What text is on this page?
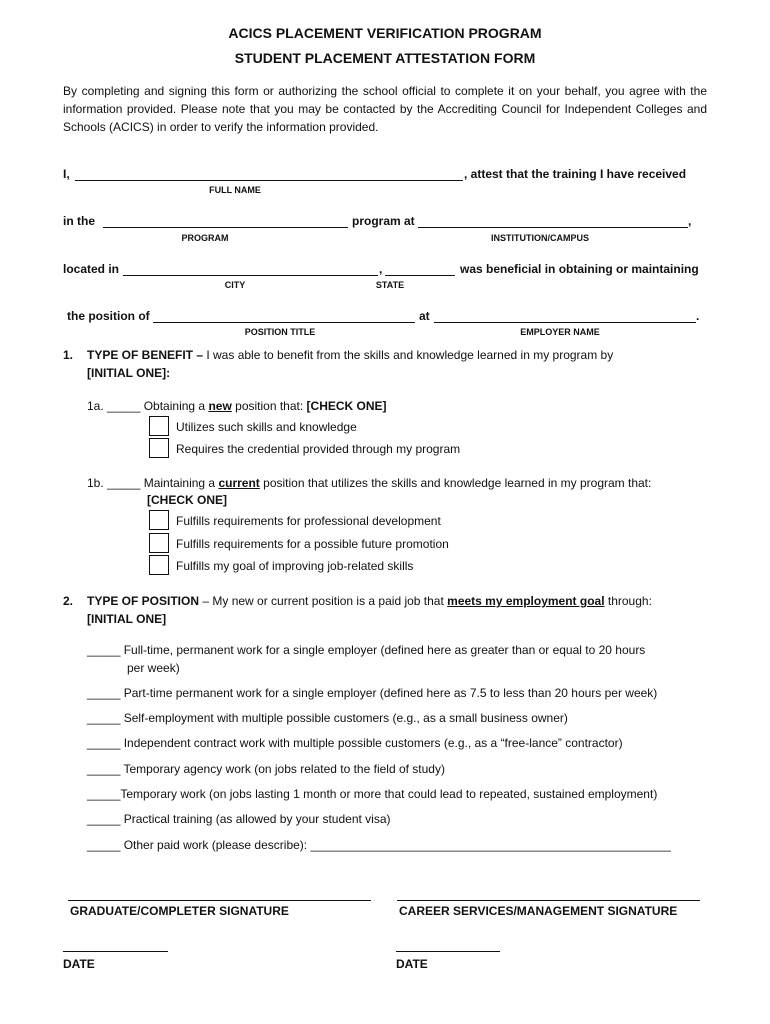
ACICS PLACEMENT VERIFICATION PROGRAM
STUDENT PLACEMENT ATTESTATION FORM
By completing and signing this form or authorizing the school official to complete it on your behalf, you agree with the information provided. Please note that you may be contacted by the Accrediting Council for Independent Colleges and Schools (ACICS) in order to verify the information provided.
I,	, attest that the training I have received
FULL NAME
in the	program at	,
PROGRAM	INSTITUTION/CAMPUS
located in	,	was beneficial in obtaining or maintaining
CITY	STATE
the position of	at	.
POSITION TITLE	EMPLOYER NAME
1. TYPE OF BENEFIT – I was able to benefit from the skills and knowledge learned in my program by
[INITIAL ONE]:
1a. _____ Obtaining a new position that: [CHECK ONE]
Utilizes such skills and knowledge
Requires the credential provided through my program
1b. _____ Maintaining a current position that utilizes the skills and knowledge learned in my program that:
[CHECK ONE]
Fulfills requirements for professional development
Fulfills requirements for a possible future promotion
Fulfills my goal of improving job-related skills
2. TYPE OF POSITION – My new or current position is a paid job that meets my employment goal through:
[INITIAL ONE]
_____ Full-time, permanent work for a single employer (defined here as greater than or equal to 20 hours
per week)
_____ Part-time permanent work for a single employer (defined here as 7.5 to less than 20 hours per week)
_____ Self-employment with multiple possible customers (e.g., as a small business owner)
_____ Independent contract work with multiple possible customers (e.g., as a “free-lance” contractor)
_____ Temporary agency work (on jobs related to the field of study)
_____Temporary work (on jobs lasting 1 month or more that could lead to repeated, sustained employment)
_____ Practical training (as allowed by your student visa)
_____ Other paid work (please describe): ______________________________________________________
GRADUATE/COMPLETER SIGNATURE	CAREER SERVICES/MANAGEMENT SIGNATURE
DATE	DATE
